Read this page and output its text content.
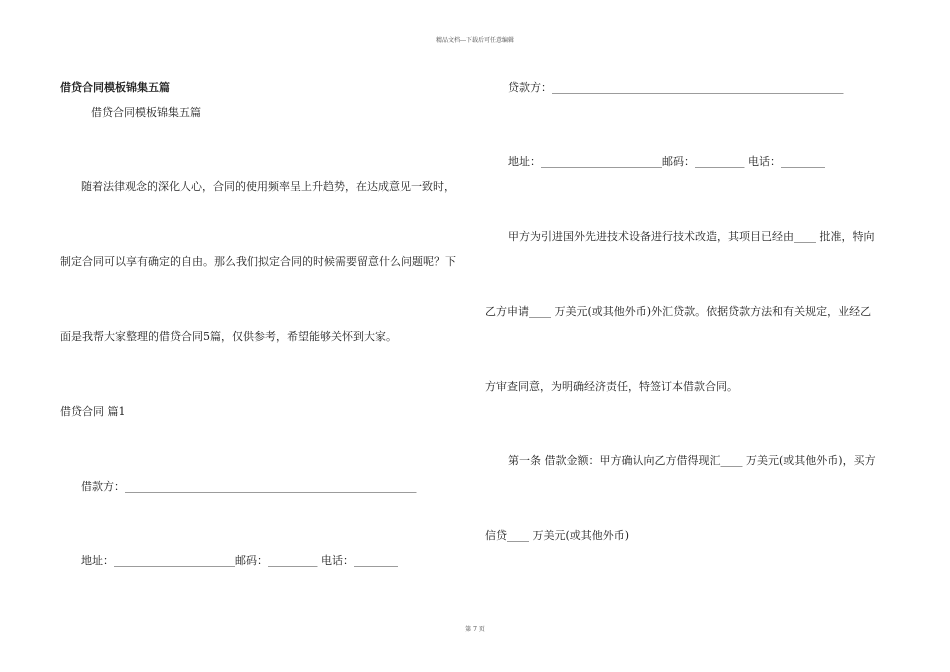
精品文档---下载后可任意编辑
借贷合同模板锦集五篇
借贷合同模板锦集五篇
随着法律观念的深化人心，合同的使用频率呈上升趋势，在达成意见一致时，
制定合同可以享有确定的自由。那么我们拟定合同的时候需要留意什么问题呢？下
面是我帮大家整理的借贷合同5篇，仅供参考，希望能够关怀到大家。
借贷合同 篇1
借款方：_____________________________________________________
地址：______________________邮码：_________ 电话：________
贷款方：_____________________________________________________
地址：______________________邮码：_________ 电话：________
甲方为引进国外先进技术设备进行技术改造，其项目已经由____ 批准，特向
乙方申请____ 万美元(或其他外币)外汇贷款。依据贷款方法和有关规定，业经乙
方审查同意，为明确经济责任，特签订本借款合同。
第一条 借款金额：甲方确认向乙方借得现汇____ 万美元(或其他外币)，买方
信贷____ 万美元(或其他外币)
第 7 页
